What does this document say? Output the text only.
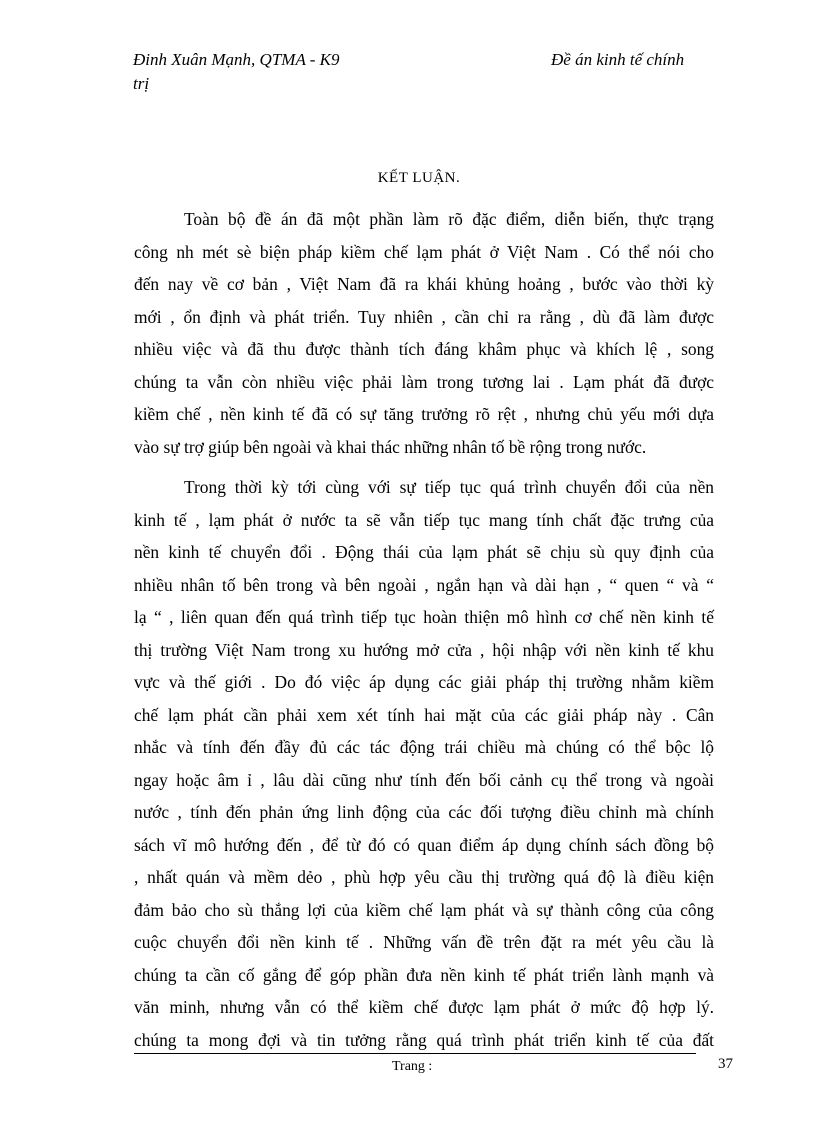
Đinh Xuân Mạnh, QTMA - K9	Đề án kinh tế chính
trị
KẾT LUẬN.
Toàn bộ đề án đã một phần làm rõ đặc điểm, diễn biến, thực trạng
công nh mét sè biện pháp kiềm chế lạm phát ở Việt Nam . Có thể nói cho
đến nay về cơ bản , Việt Nam đã ra khái khủng hoảng , bước vào thời kỳ
mới , ổn định và phát triển. Tuy nhiên , cần chỉ ra rằng , dù đã làm được
nhiều việc và đã thu được thành tích đáng khâm phục và khích lệ , song
chúng ta vẫn còn nhiều việc phải làm trong tương lai . Lạm phát đã được
kiềm chế , nền kinh tế đã có sự tăng trưởng rõ rệt , nhưng chủ yếu mới dựa
vào sự trợ giúp bên ngoài và khai thác những nhân tố bề rộng trong nước.
Trong thời kỳ tới cùng với sự tiếp tục quá trình chuyển đổi của nền
kinh tế , lạm phát ở nước ta sẽ vẫn tiếp tục mang tính chất đặc trưng của
nền kinh tế chuyển đổi . Động thái của lạm phát sẽ chịu sù quy định của
nhiều nhân tố bên trong và bên ngoài , ngắn hạn và dài hạn , “ quen “ và “
lạ “ , liên quan đến quá trình tiếp tục hoàn thiện mô hình cơ chế nền kinh tế
thị trường Việt Nam trong xu hướng mở cửa , hội nhập với nền kinh tế khu
vực và thế giới . Do đó việc áp dụng các giải pháp thị trường nhằm kiềm
chế lạm phát cần phải xem xét tính hai mặt của các giải pháp này . Cân
nhắc và tính đến đầy đủ các tác động trái chiều mà chúng có thể bộc lộ
ngay hoặc âm ỉ , lâu dài cũng như tính đến bối cảnh cụ thể trong và ngoài
nước , tính đến phản ứng linh động của các đối tượng điều chỉnh mà chính
sách vĩ mô hướng đến , để từ đó có quan điểm áp dụng chính sách đồng bộ
, nhất quán và mềm dẻo , phù hợp yêu cầu thị trường quá độ là điều kiện
đảm bảo cho sù thắng lợi của kiềm chế lạm phát và sự thành công của công
cuộc chuyển đổi nền kinh tế . Những vấn đề trên đặt ra mét yêu cầu là
chúng ta cần cố gắng để góp phần đưa nền kinh tế phát triển lành mạnh và
văn minh, nhưng vẫn có thể kiềm chế được lạm phát ở mức độ hợp lý.
chúng ta mong đợi và tin tưởng rằng quá trình phát triển kinh tế của đất
Trang :	37
